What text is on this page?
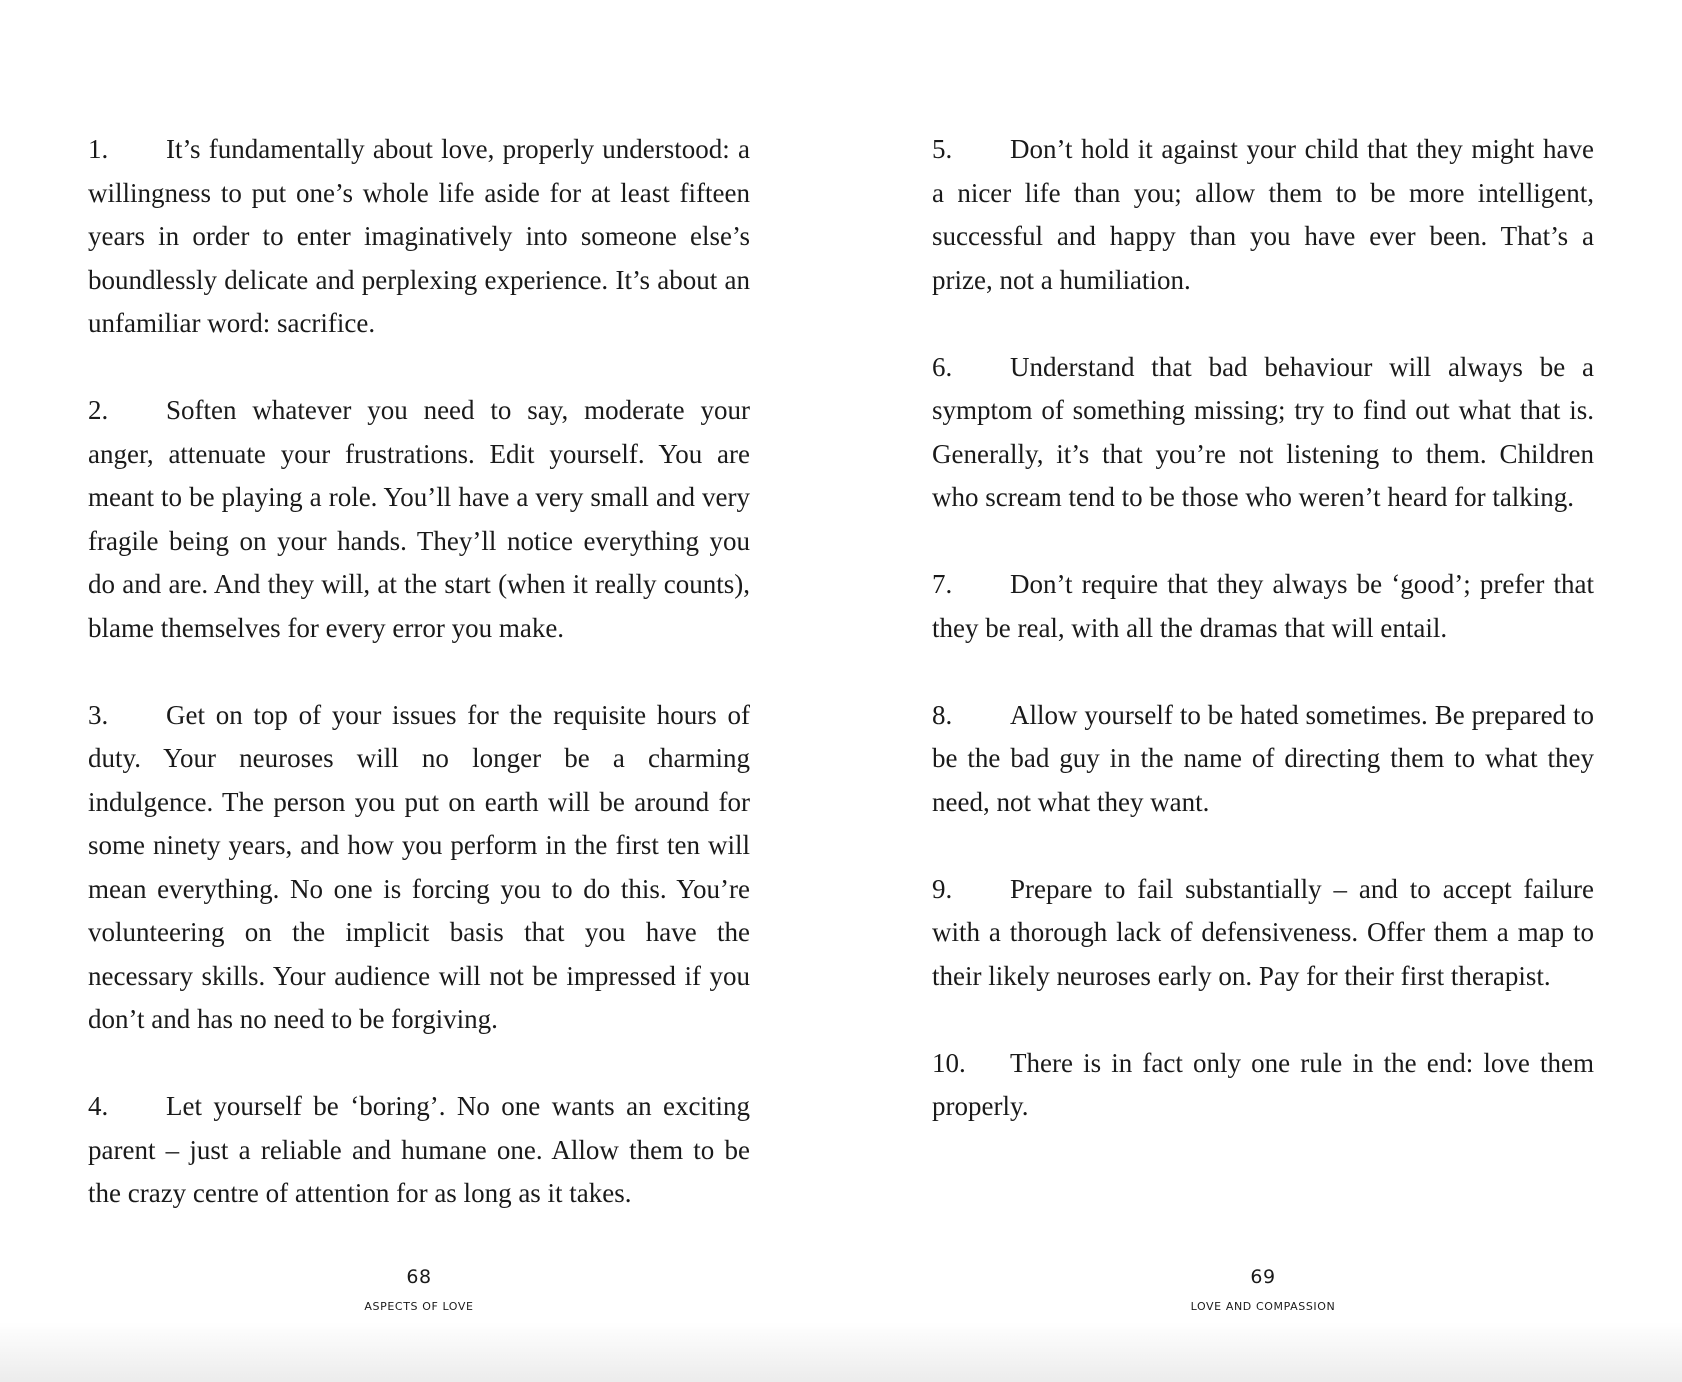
1. It’s fundamentally about love, properly understood: a willingness to put one’s whole life aside for at least fifteen years in order to enter imaginatively into someone else’s boundlessly delicate and perplexing experience. It’s about an unfamiliar word: sacrifice.

2. Soften whatever you need to say, moderate your anger, attenuate your frustrations. Edit yourself. You are meant to be playing a role. You’ll have a very small and very fragile being on your hands. They’ll notice everything you do and are. And they will, at the start (when it really counts), blame themselves for every error you make.

3. Get on top of your issues for the requisite hours of duty. Your neuroses will no longer be a charming indulgence. The person you put on earth will be around for some ninety years, and how you perform in the first ten will mean everything. No one is forcing you to do this. You’re volunteering on the implicit basis that you have the necessary skills. Your audience will not be impressed if you don’t and has no need to be forgiving.

4. Let yourself be ‘boring’. No one wants an exciting parent – just a reliable and humane one. Allow them to be the crazy centre of attention for as long as it takes.

68
ASPECTS OF LOVE

5. Don’t hold it against your child that they might have a nicer life than you; allow them to be more intelligent, successful and happy than you have ever been. That’s a prize, not a humiliation.

6. Understand that bad behaviour will always be a symptom of something missing; try to find out what that is. Generally, it’s that you’re not listening to them. Children who scream tend to be those who weren’t heard for talking.

7. Don’t require that they always be ‘good’; prefer that they be real, with all the dramas that will entail.

8. Allow yourself to be hated sometimes. Be prepared to be the bad guy in the name of directing them to what they need, not what they want.

9. Prepare to fail substantially – and to accept failure with a thorough lack of defensiveness. Offer them a map to their likely neuroses early on. Pay for their first therapist.

10. There is in fact only one rule in the end: love them properly.

69
LOVE AND COMPASSION
